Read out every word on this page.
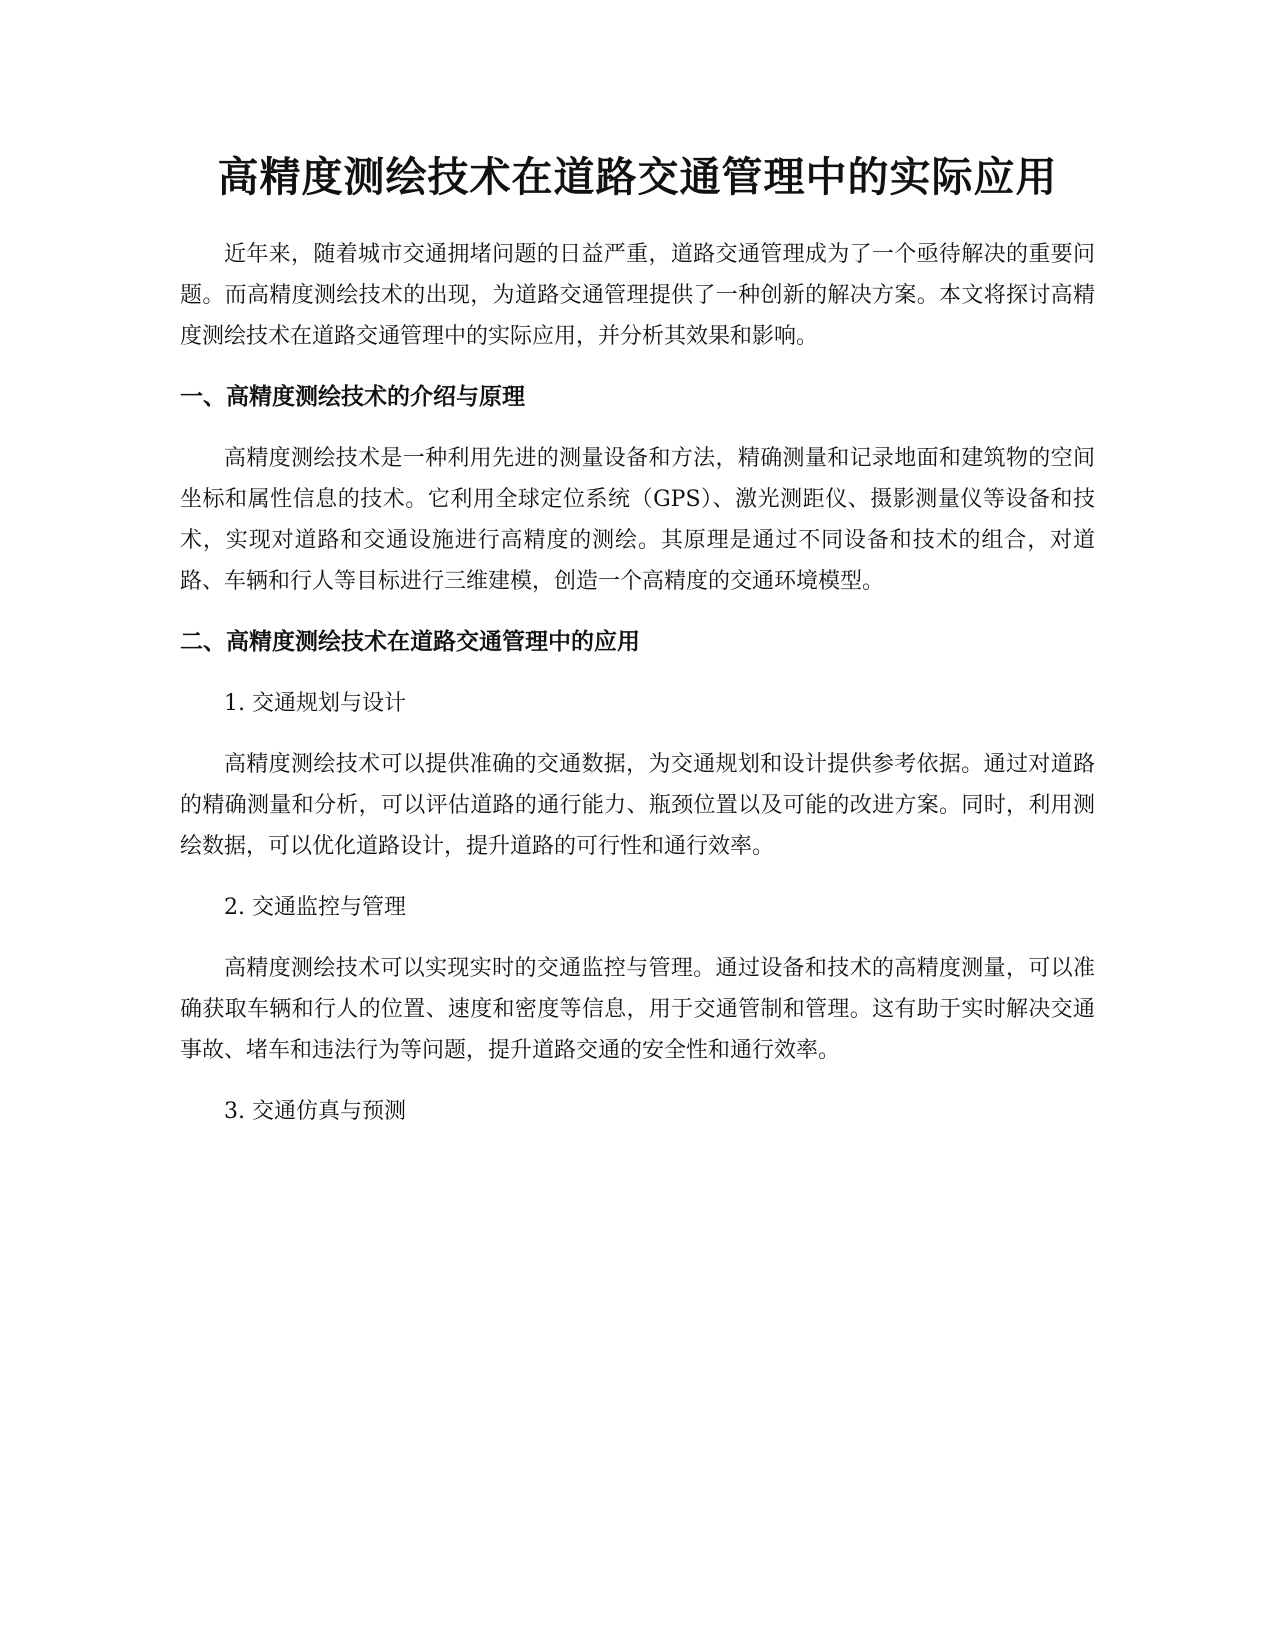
高精度测绘技术在道路交通管理中的实际应用

近年来，随着城市交通拥堵问题的日益严重，道路交通管理成为了一个亟待解决的重要问题。而高精度测绘技术的出现，为道路交通管理提供了一种创新的解决方案。本文将探讨高精度测绘技术在道路交通管理中的实际应用，并分析其效果和影响。

一、高精度测绘技术的介绍与原理

高精度测绘技术是一种利用先进的测量设备和方法，精确测量和记录地面和建筑物的空间坐标和属性信息的技术。它利用全球定位系统（GPS）、激光测距仪、摄影测量仪等设备和技术，实现对道路和交通设施进行高精度的测绘。其原理是通过不同设备和技术的组合，对道路、车辆和行人等目标进行三维建模，创造一个高精度的交通环境模型。

二、高精度测绘技术在道路交通管理中的应用
1. 交通规划与设计

高精度测绘技术可以提供准确的交通数据，为交通规划和设计提供参考依据。通过对道路的精确测量和分析，可以评估道路的通行能力、瓶颈位置以及可能的改进方案。同时，利用测绘数据，可以优化道路设计，提升道路的可行性和通行效率。

2. 交通监控与管理

高精度测绘技术可以实现实时的交通监控与管理。通过设备和技术的高精度测量，可以准确获取车辆和行人的位置、速度和密度等信息，用于交通管制和管理。这有助于实时解决交通事故、堵车和违法行为等问题，提升道路交通的安全性和通行效率。

3. 交通仿真与预测
